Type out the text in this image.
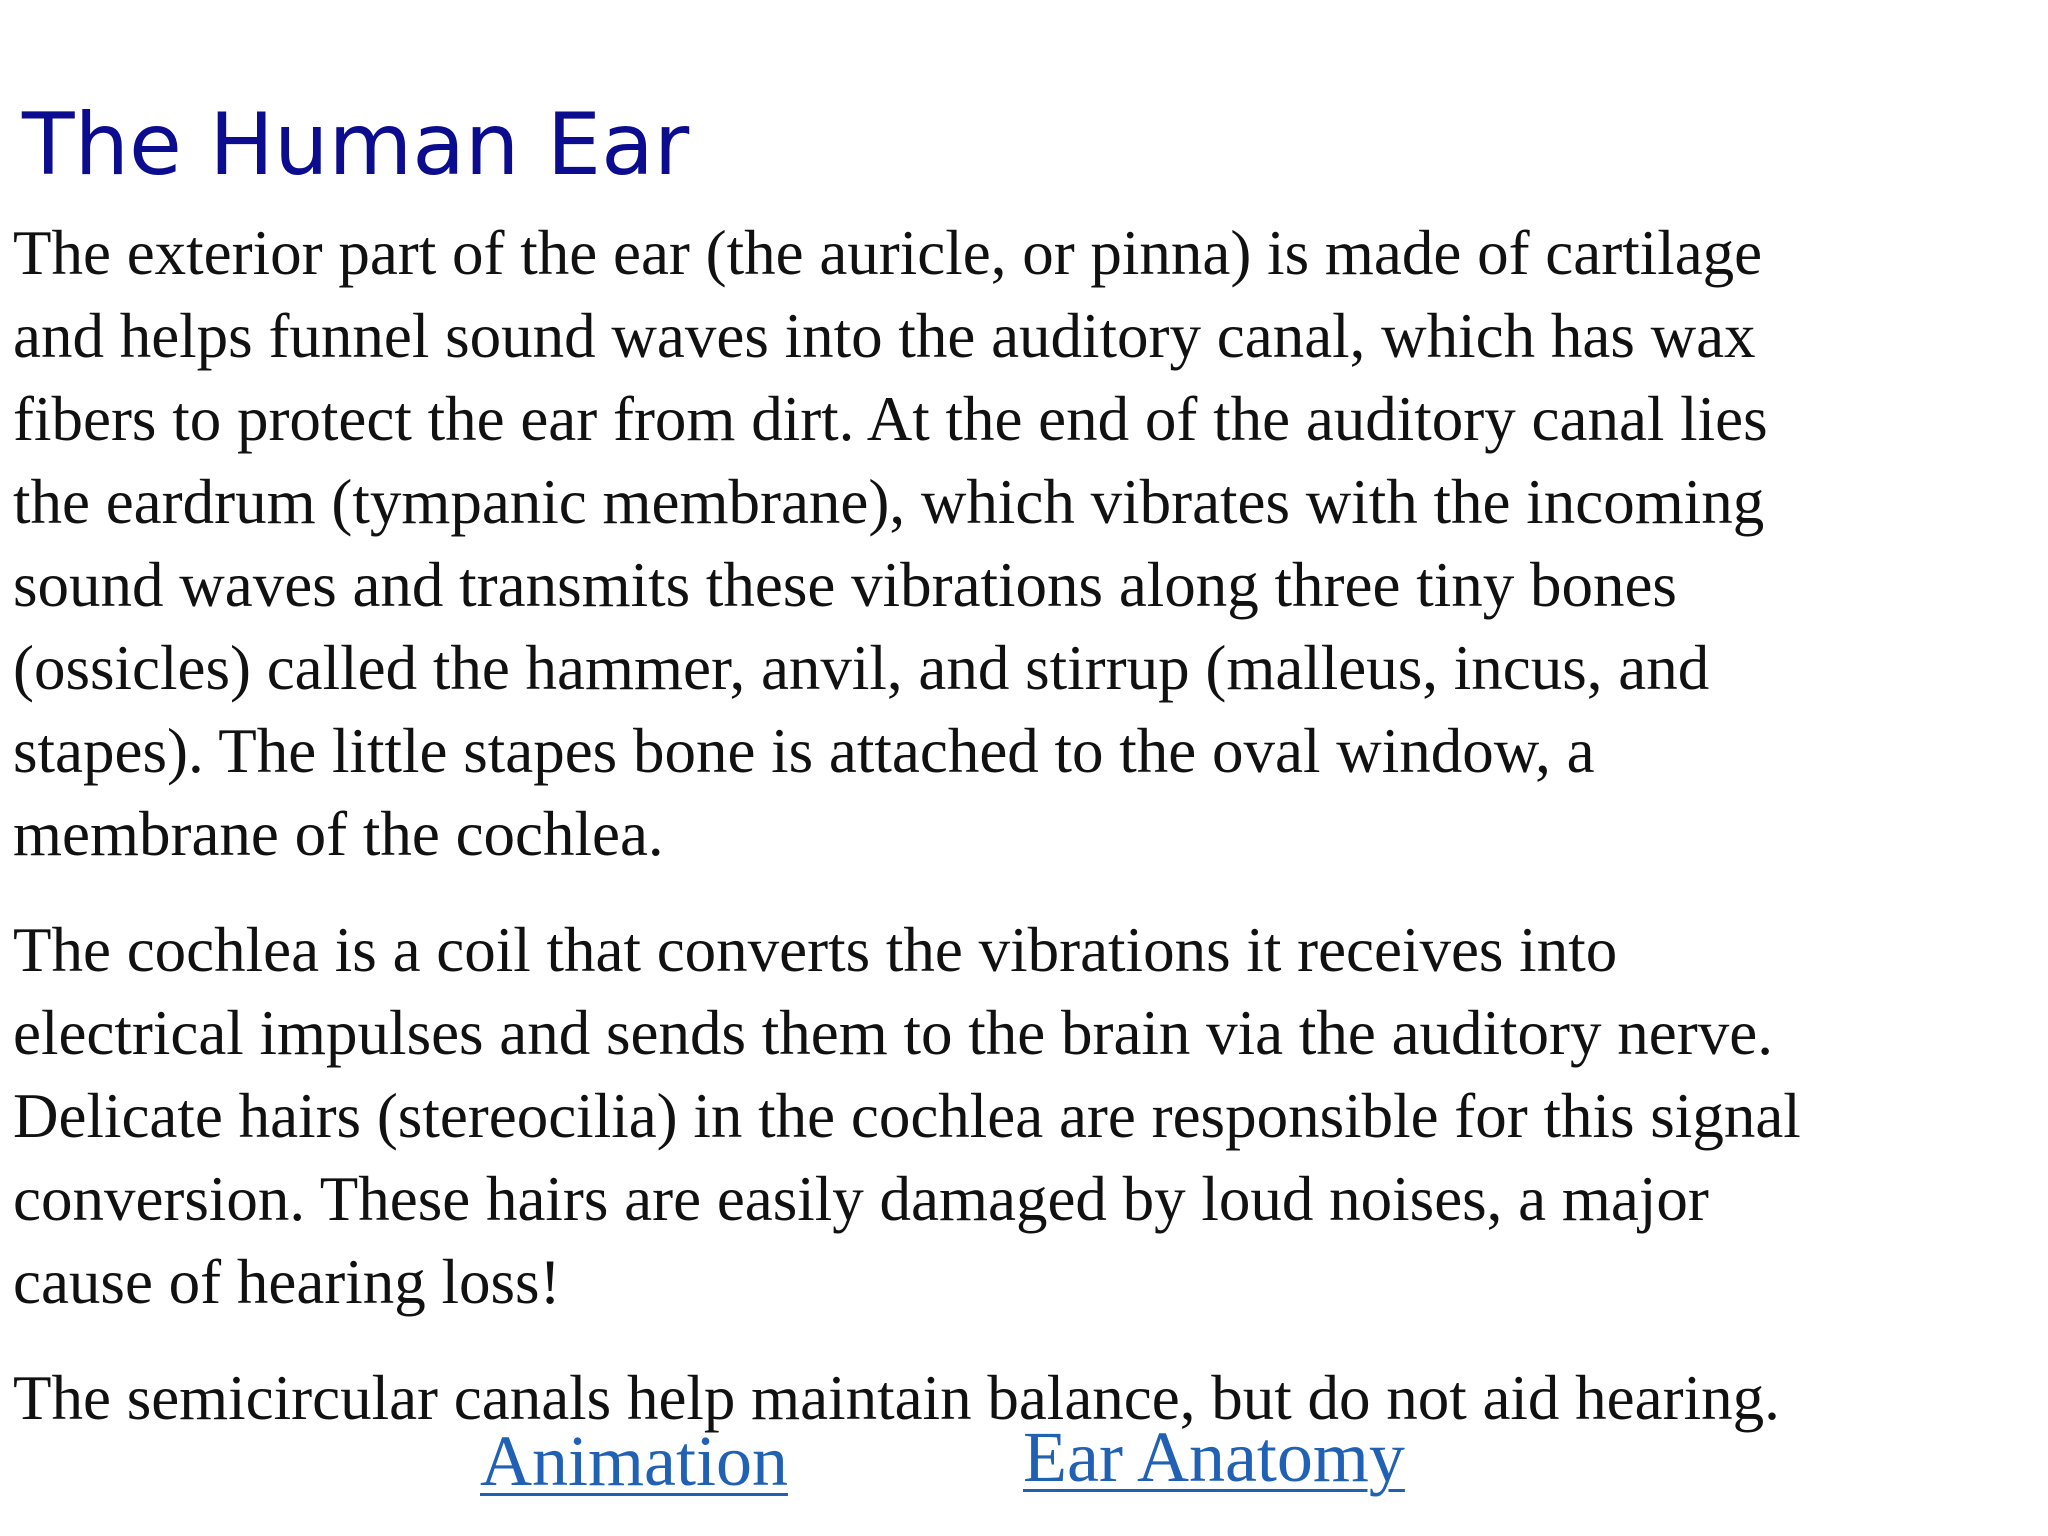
The Human Ear

The exterior part of the ear (the auricle, or pinna) is made of cartilage
and helps funnel sound waves into the auditory canal, which has wax
fibers to protect the ear from dirt. At the end of the auditory canal lies
the eardrum (tympanic membrane), which vibrates with the incoming
sound waves and transmits these vibrations along three tiny bones
(ossicles) called the hammer, anvil, and stirrup (malleus, incus, and
stapes). The little stapes bone is attached to the oval window, a
membrane of the cochlea.

The cochlea is a coil that converts the vibrations it receives into
electrical impulses and sends them to the brain via the auditory nerve.
Delicate hairs (stereocilia) in the cochlea are responsible for this signal
conversion. These hairs are easily damaged by loud noises, a major
cause of hearing loss!

The semicircular canals help maintain balance, but do not aid hearing.

Animation	Ear Anatomy
